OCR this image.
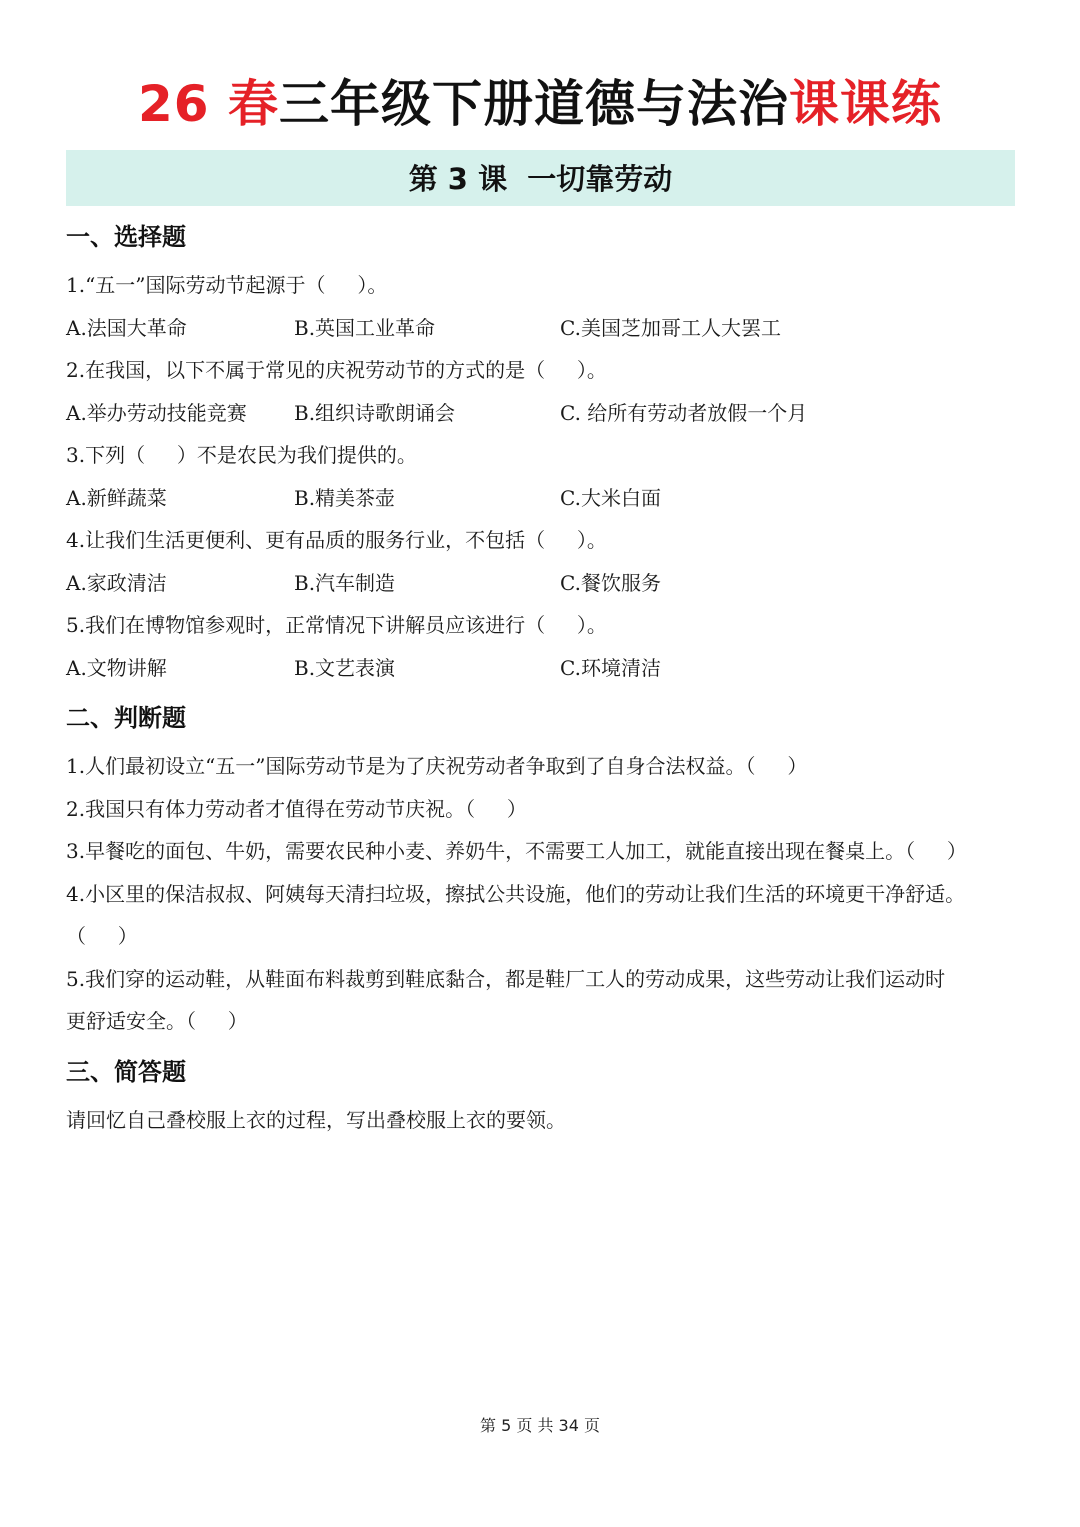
26 春三年级下册道德与法治课课练
第 3 课  一切靠劳动
一、选择题
1.“五一”国际劳动节起源于（     ）。
A.法国大革命	B.英国工业革命	C.美国芝加哥工人大罢工
2.在我国，以下不属于常见的庆祝劳动节的方式的是（     ）。
A.举办劳动技能竞赛 B.组织诗歌朗诵会	C. 给所有劳动者放假一个月
3.下列（     ）不是农民为我们提供的。
A.新鲜蔬菜	B.精美茶壶	C.大米白面
4.让我们生活更便利、更有品质的服务行业，不包括（     ）。
A.家政清洁	B.汽车制造	C.餐饮服务
5.我们在博物馆参观时，正常情况下讲解员应该进行（     ）。
A.文物讲解	B.文艺表演	C.环境清洁
二、判断题
1.人们最初设立“五一”国际劳动节是为了庆祝劳动者争取到了自身合法权益。（     ）
2.我国只有体力劳动者才值得在劳动节庆祝。（     ）
3.早餐吃的面包、牛奶，需要农民种小麦、养奶牛，不需要工人加工，就能直接出现在餐桌上。（     ）
4.小区里的保洁叔叔、阿姨每天清扫垃圾，擦拭公共设施，他们的劳动让我们生活的环境更干净舒适。
（     ）
5.我们穿的运动鞋，从鞋面布料裁剪到鞋底黏合，都是鞋厂工人的劳动成果，这些劳动让我们运动时
更舒适安全。（     ）
三、简答题
请回忆自己叠校服上衣的过程，写出叠校服上衣的要领。
第 5 页 共 34 页
